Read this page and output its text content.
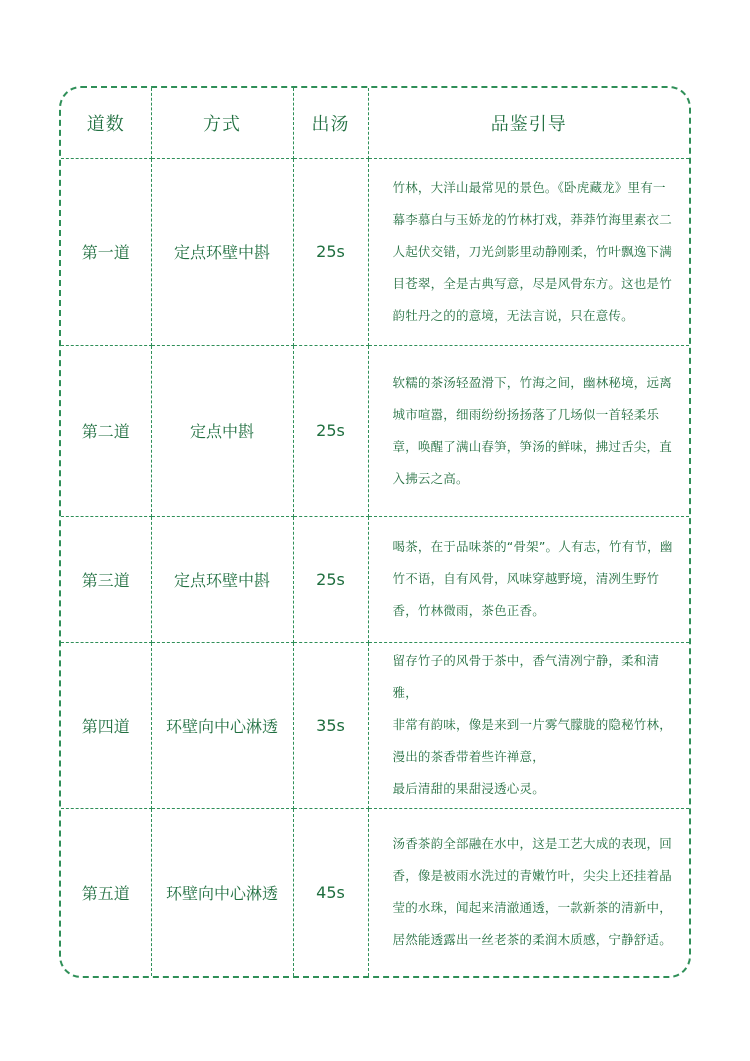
道数	方式	出汤	品鉴引导
第一道	定点环壁中斟	25s	竹林，大洋山最常见的景色。《卧虎藏龙》里有一幕李慕白与玉娇龙的竹林打戏，莽莽竹海里素衣二人起伏交错，刀光剑影里动静刚柔，竹叶飘逸下满目苍翠，全是古典写意，尽是风骨东方。这也是竹韵牡丹之的的意境，无法言说，只在意传。

第二道	定点中斟	25s	软糯的茶汤轻盈滑下，竹海之间，幽林秘境，远离城市喧嚣，细雨纷纷扬扬落了几场似一首轻柔乐章，唤醒了满山春笋，笋汤的鲜味，拂过舌尖，直入拂云之高。

第三道	定点环壁中斟	25s	喝茶，在于品味茶的“骨架”。人有志，竹有节，幽竹不语，自有风骨，风味穿越野境，清冽生野竹香，竹林微雨，茶色正香。

第四道	环壁向中心淋透	35s	留存竹子的风骨于茶中，香气清冽宁静，柔和清雅，
非常有韵味，像是来到一片雾气朦胧的隐秘竹林，
漫出的茶香带着些许禅意，
最后清甜的果甜浸透心灵。

第五道	环壁向中心淋透	45s	汤香茶韵全部融在水中，这是工艺大成的表现，回香，像是被雨水洗过的青嫩竹叶，尖尖上还挂着晶莹的水珠，闻起来清澈通透，一款新茶的清新中，居然能透露出一丝老茶的柔润木质感，宁静舒适。
